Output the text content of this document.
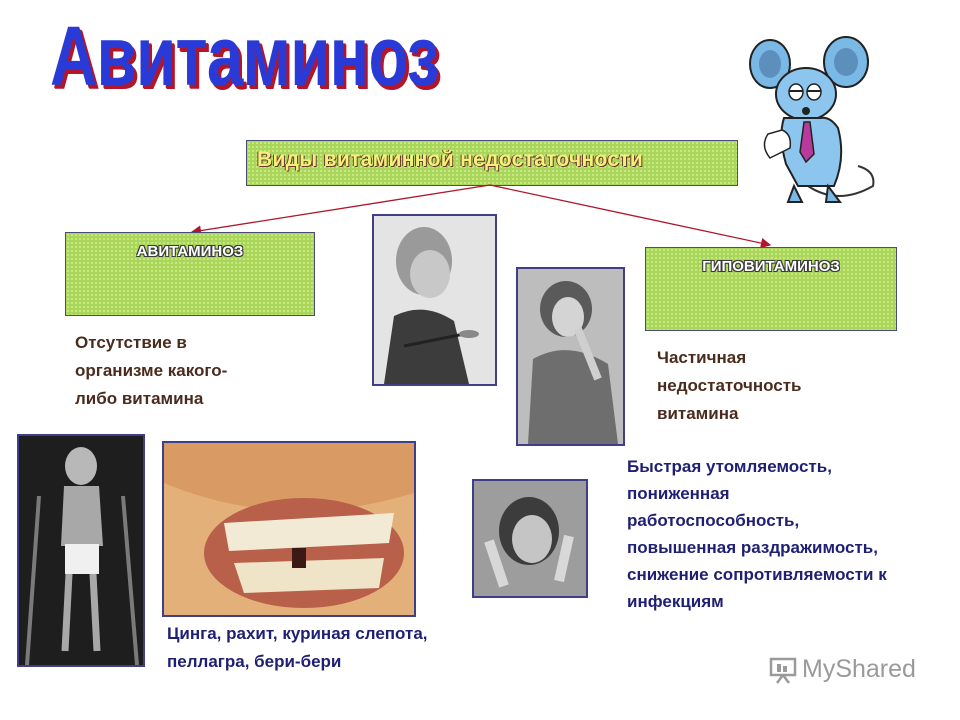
Авитаминоз
Виды витаминной недостаточности
АВИТАМИНОЗ
ГИПОВИТАМИНОЗ
Отсутствие в
организме какого-
либо витамина
Частичная
недостаточность
витамина
Быстрая утомляемость,
пониженная
работоспособность,
повышенная раздражимость,
снижение сопротивляемости к
инфекциям
Цинга, рахит, куриная слепота,
пеллагра, бери-бери	MyShared
